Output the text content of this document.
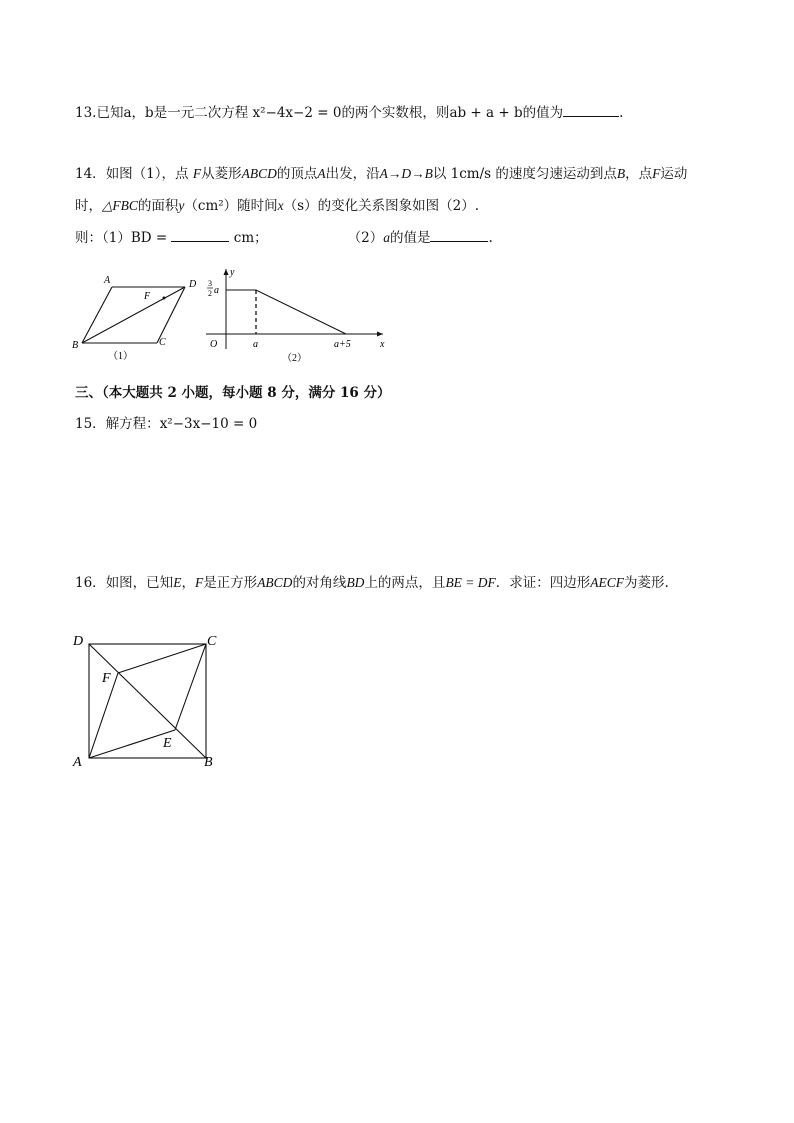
13.已知a，b是一元二次方程 x²−4x−2 = 0的两个实数根，则ab + a + b的值为	.
14．如图（1），点 F从菱形ABCD的顶点A出发，沿A→D→B以 1cm/s 的速度匀速运动到点B，点F运动
时，△FBC的面积y（cm²）随时间x（s）的变化关系图象如图（2）.
则：（1）BD =	cm；	（2）a的值是	.
A	D
B	C
F
（1）
y
x
O
3
2 a
a	a+5
（2）
三、（本大题共 2 小题，每小题 8 分，满分 16 分）
15．解方程：x²−3x−10 = 0
16．如图，已知E，F是正方形ABCD的对角线BD上的两点，且BE = DF．求证：四边形AECF为菱形.
D	C
A	B
F
E
